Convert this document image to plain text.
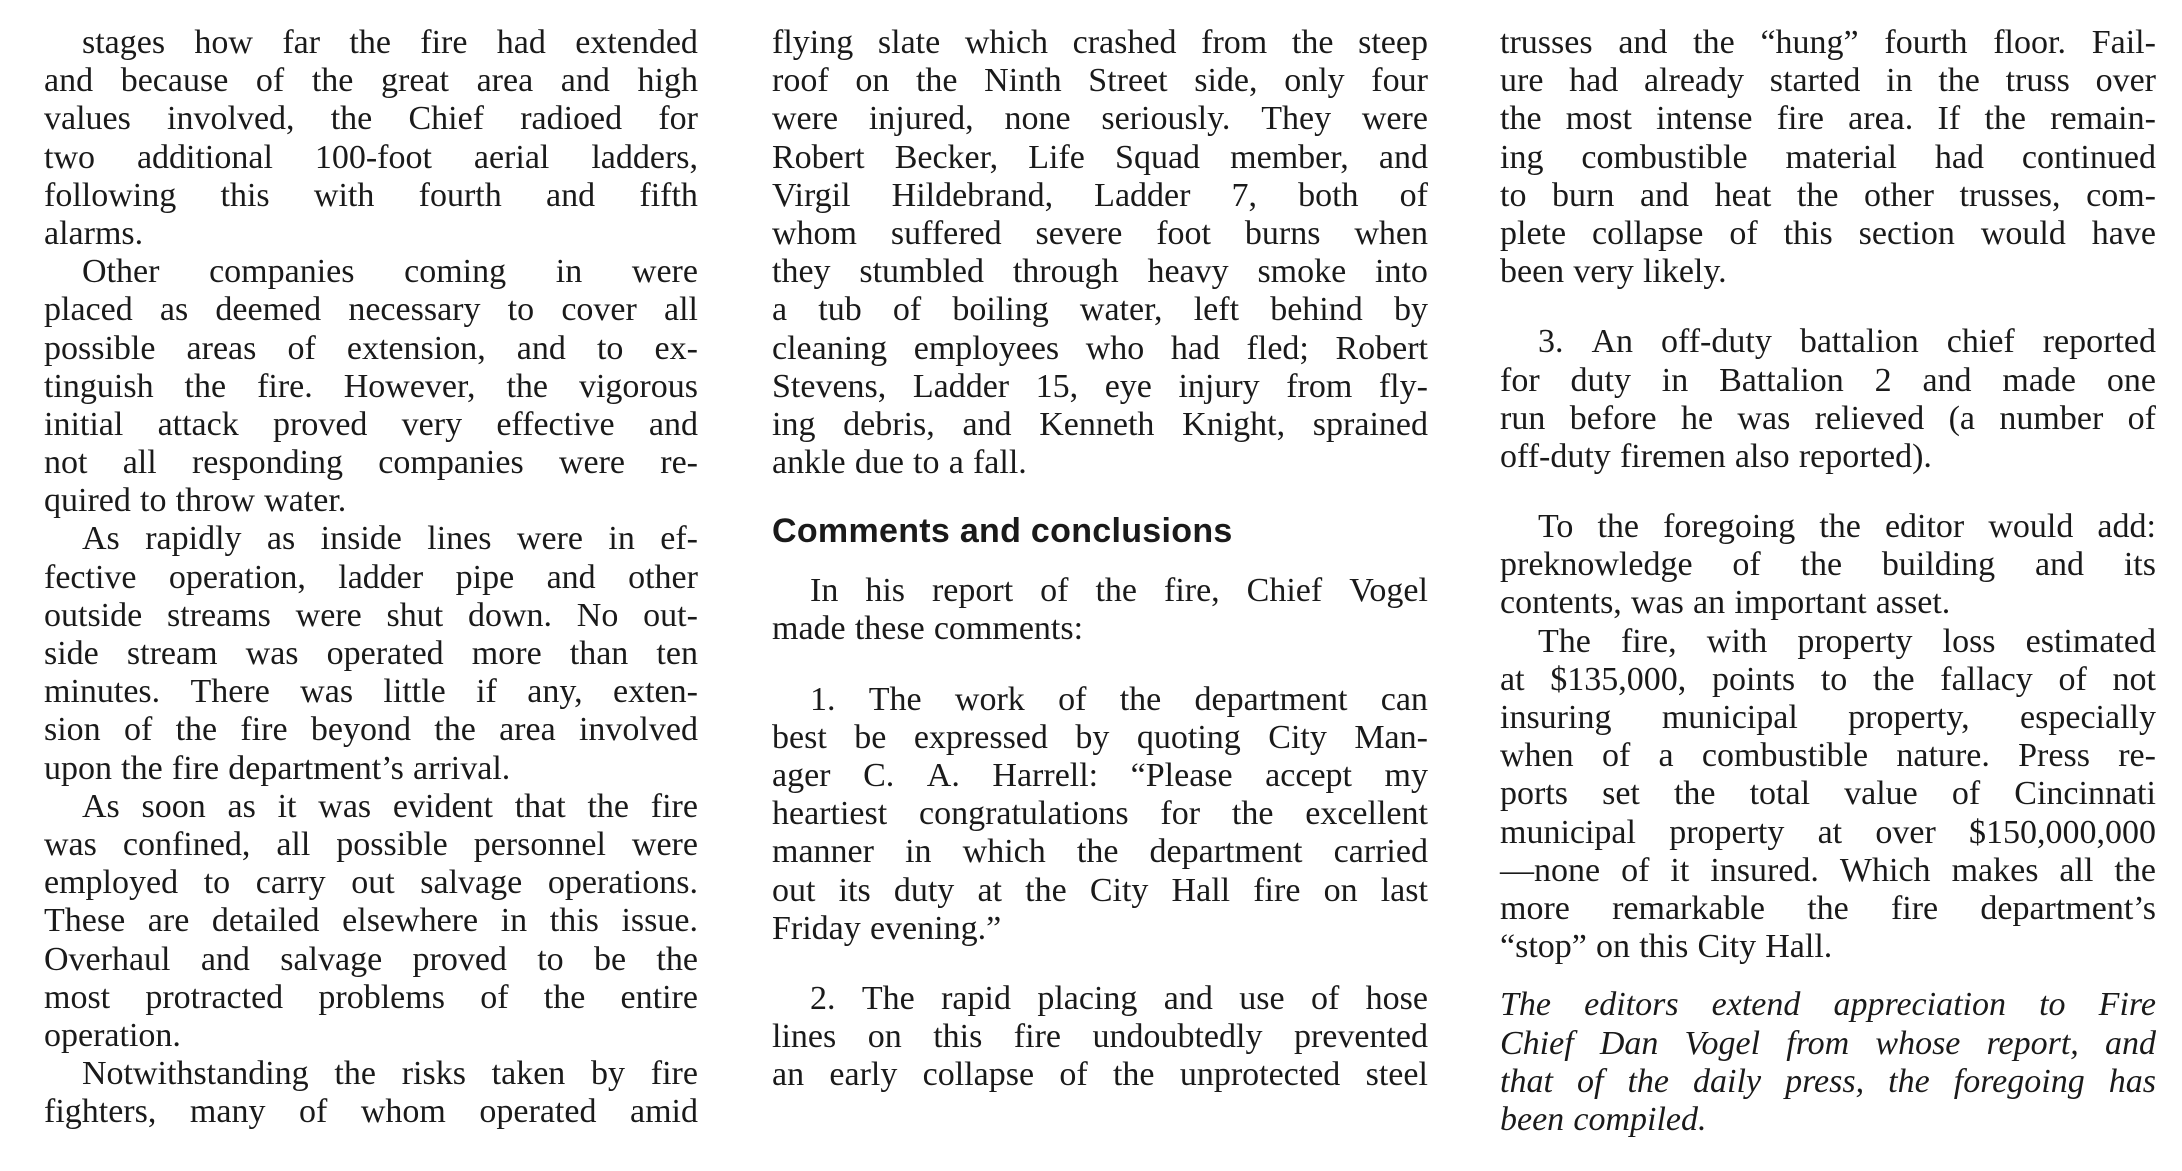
stages how far the fire had extended
and because of the great area and high
values involved, the Chief radioed for
two additional 100-foot aerial ladders,
following this with fourth and fifth
alarms.
Other companies coming in were
placed as deemed necessary to cover all
possible areas of extension, and to ex-
tinguish the fire. However, the vigorous
initial attack proved very effective and
not all responding companies were re-
quired to throw water.
As rapidly as inside lines were in ef-
fective operation, ladder pipe and other
outside streams were shut down. No out-
side stream was operated more than ten
minutes. There was little if any, exten-
sion of the fire beyond the area involved
upon the fire department’s arrival.
As soon as it was evident that the fire
was confined, all possible personnel were
employed to carry out salvage operations.
These are detailed elsewhere in this issue.
Overhaul and salvage proved to be the
most protracted problems of the entire
operation.
Notwithstanding the risks taken by fire
fighters, many of whom operated amid
flying slate which crashed from the steep
roof on the Ninth Street side, only four
were injured, none seriously. They were
Robert Becker, Life Squad member, and
Virgil Hildebrand, Ladder 7, both of
whom suffered severe foot burns when
they stumbled through heavy smoke into
a tub of boiling water, left behind by
cleaning employees who had fled; Robert
Stevens, Ladder 15, eye injury from fly-
ing debris, and Kenneth Knight, sprained
ankle due to a fall.
Comments and conclusions
In his report of the fire, Chief Vogel
made these comments:
1. The work of the department can
best be expressed by quoting City Man-
ager C. A. Harrell: “Please accept my
heartiest congratulations for the excellent
manner in which the department carried
out its duty at the City Hall fire on last
Friday evening.”
2. The rapid placing and use of hose
lines on this fire undoubtedly prevented
an early collapse of the unprotected steel
trusses and the “hung” fourth floor. Fail-
ure had already started in the truss over
the most intense fire area. If the remain-
ing combustible material had continued
to burn and heat the other trusses, com-
plete collapse of this section would have
been very likely.
3. An off-duty battalion chief reported
for duty in Battalion 2 and made one
run before he was relieved (a number of
off-duty firemen also reported).
To the foregoing the editor would add:
preknowledge of the building and its
contents, was an important asset.
The fire, with property loss estimated
at $135,000, points to the fallacy of not
insuring municipal property, especially
when of a combustible nature. Press re-
ports set the total value of Cincinnati
municipal property at over $150,000,000
—none of it insured. Which makes all the
more remarkable the fire department’s
“stop” on this City Hall.
The editors extend appreciation to Fire
Chief Dan Vogel from whose report, and
that of the daily press, the foregoing has
been compiled.
